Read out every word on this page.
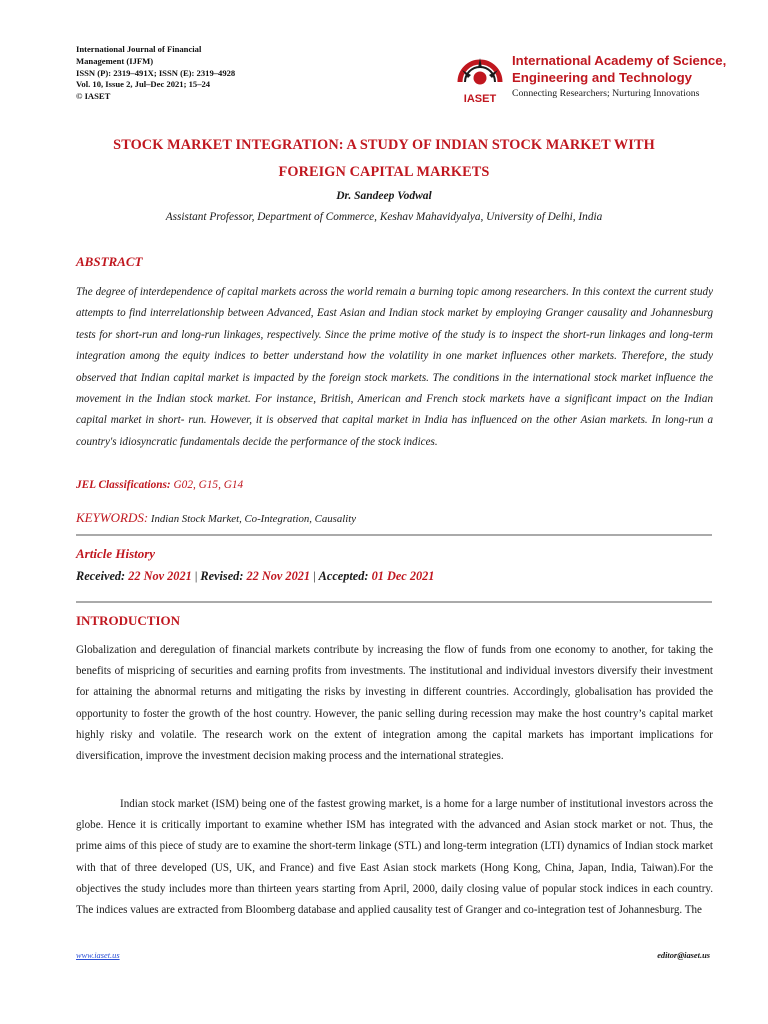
International Journal of Financial
Management (IJFM)
ISSN (P): 2319–491X; ISSN (E): 2319–4928
Vol. 10, Issue 2, Jul–Dec 2021; 15–24
© IASET	IASET
International Academy of Science,
Engineering and Technology
Connecting Researchers; Nurturing Innovations
STOCK MARKET INTEGRATION: A STUDY OF INDIAN STOCK MARKET WITH
FOREIGN CAPITAL MARKETS
Dr. Sandeep Vodwal
Assistant Professor, Department of Commerce, Keshav Mahavidyalya, University of Delhi, India
ABSTRACT
The degree of interdependence of capital markets across the world remain a burning topic among researchers. In this context the current study attempts to find interrelationship between Advanced, East Asian and Indian stock market by employing Granger causality and Johannesburg tests for short-run and long-run linkages, respectively. Since the prime motive of the study is to inspect the short-run linkages and long-term integration among the equity indices to better understand how the volatility in one market influences other markets. Therefore, the study observed that Indian capital market is impacted by the foreign stock markets. The conditions in the international stock market influence the movement in the Indian stock market. For instance, British, American and French stock markets have a significant impact on the Indian capital market in short- run. However, it is observed that capital market in India has influenced on the other Asian markets. In long-run a country's idiosyncratic fundamentals decide the performance of the stock indices.
JEL Classifications: G02, G15, G14
KEYWORDS: Indian Stock Market, Co-Integration, Causality
Article History
Received: 22 Nov 2021 | Revised: 22 Nov 2021 | Accepted: 01 Dec 2021
INTRODUCTION
Globalization and deregulation of financial markets contribute by increasing the flow of funds from one economy to another, for taking the benefits of mispricing of securities and earning profits from investments. The institutional and individual investors diversify their investment for attaining the abnormal returns and mitigating the risks by investing in different countries. Accordingly, globalisation has provided the opportunity to foster the growth of the host country. However, the panic selling during recession may make the host country’s capital market highly risky and volatile. The research work on the extent of integration among the capital markets has important implications for diversification, improve the investment decision making process and the international strategies.
Indian stock market (ISM) being one of the fastest growing market, is a home for a large number of institutional investors across the globe. Hence it is critically important to examine whether ISM has integrated with the advanced and Asian stock market or not. Thus, the prime aims of this piece of study are to examine the short-term linkage (STL) and long-term integration (LTI) dynamics of Indian stock market with that of three developed (US, UK, and France) and five East Asian stock markets (Hong Kong, China, Japan, India, Taiwan).For the objectives the study includes more than thirteen years starting from April, 2000, daily closing value of popular stock indices in each country. The indices values are extracted from Bloomberg database and applied causality test of Granger and co-integration test of Johannesburg. The
www.iaset.us	editor@iaset.us
